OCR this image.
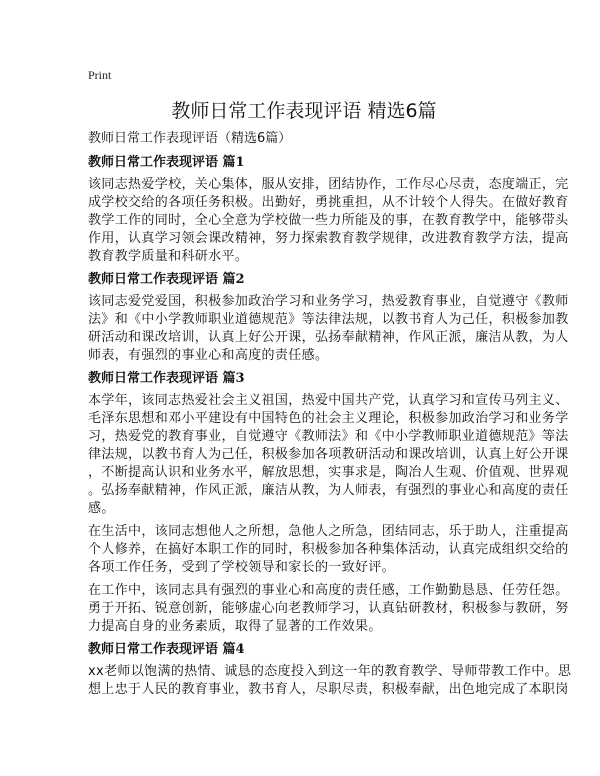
Print
教师日常工作表现评语 精选6篇
教师日常工作表现评语（精选6篇）
教师日常工作表现评语 篇1
该同志热爱学校，关心集体，服从安排，团结协作，工作尽心尽责，态度端正，完
成学校交给的各项任务积极。出勤好，勇挑重担，从不计较个人得失。在做好教育
教学工作的同时，全心全意为学校做一些力所能及的事，在教育教学中，能够带头
作用，认真学习领会课改精神，努力探索教育教学规律，改进教育教学方法，提高
教育教学质量和科研水平。
教师日常工作表现评语 篇2
该同志爱党爱国，积极参加政治学习和业务学习，热爱教育事业，自觉遵守《教师
法》和《中小学教师职业道德规范》等法律法规，以教书育人为己任，积极参加教
研活动和课改培训，认真上好公开课，弘扬奉献精神，作风正派，廉洁从教，为人
师表，有强烈的事业心和高度的责任感。
教师日常工作表现评语 篇3
本学年，该同志热爱社会主义祖国，热爱中国共产党，认真学习和宣传马列主义、
毛泽东思想和邓小平建设有中国特色的社会主义理论，积极参加政治学习和业务学
习，热爱党的教育事业，自觉遵守《教师法》和《中小学教师职业道德规范》等法
律法规，以教书育人为己任，积极参加各项教研活动和课改培训，认真上好公开课
，不断提高认识和业务水平，解放思想，实事求是，陶冶人生观、价值观、世界观
。弘扬奉献精神，作风正派，廉洁从教，为人师表，有强烈的事业心和高度的责任
感。
在生活中，该同志想他人之所想，急他人之所急，团结同志，乐于助人，注重提高
个人修养，在搞好本职工作的同时，积极参加各种集体活动，认真完成组织交给的
各项工作任务，受到了学校领导和家长的一致好评。
在工作中，该同志具有强烈的事业心和高度的责任感，工作勤勤恳恳、任劳任怨。
勇于开拓、锐意创新，能够虚心向老教师学习，认真钻研教材，积极参与教研，努
力提高自身的业务素质，取得了显著的工作效果。
教师日常工作表现评语 篇4
xx老师以饱满的热情、诚恳的态度投入到这一年的教育教学、导师带教工作中。思
想上忠于人民的教育事业，教书育人，尽职尽责，积极奉献，出色地完成了本职岗
